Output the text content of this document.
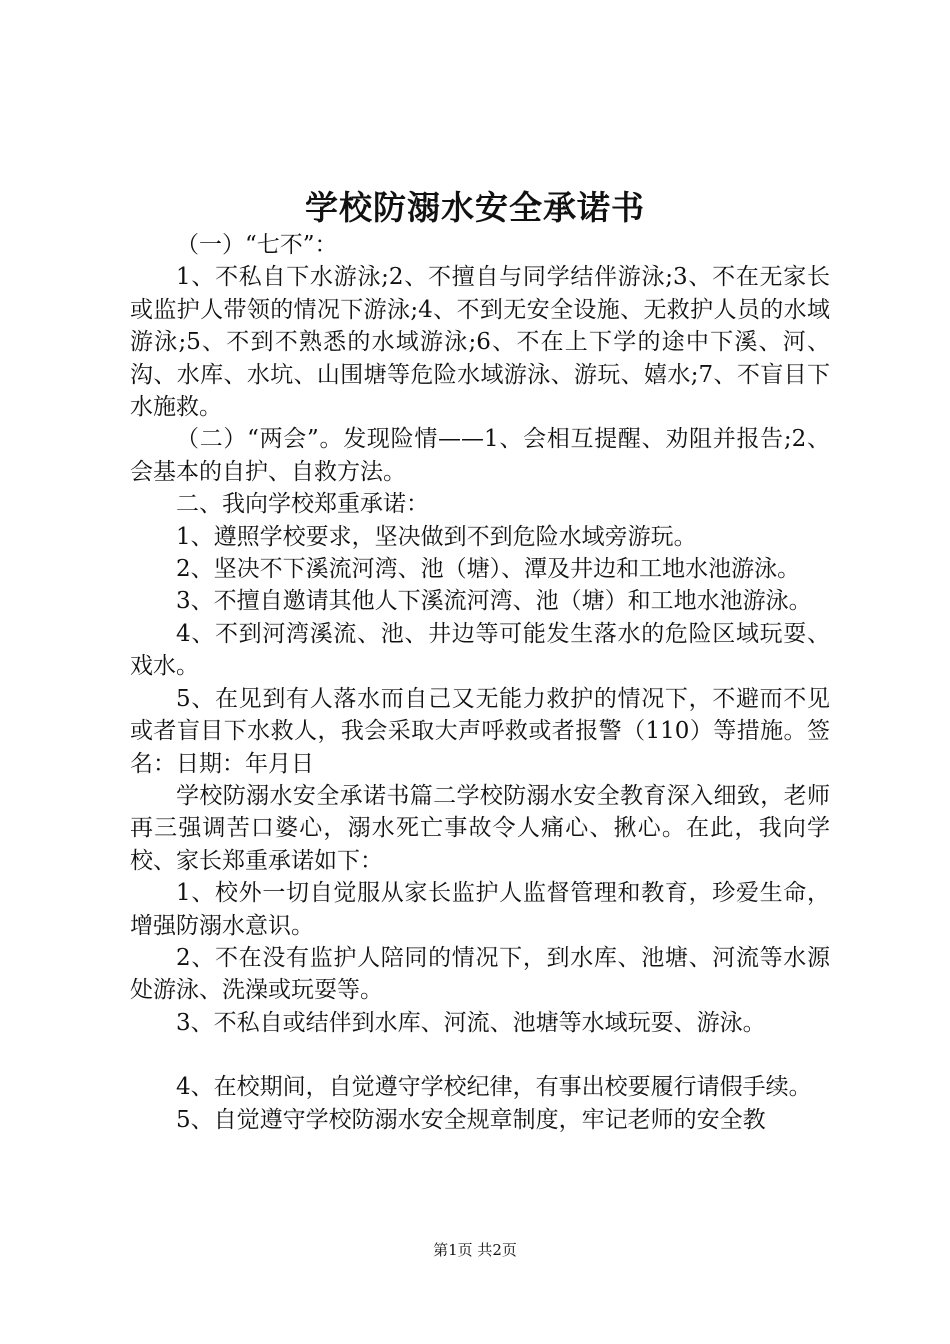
学校防溺水安全承诺书

（一）“七不”：

1、不私自下水游泳;2、不擅自与同学结伴游泳;3、不在无家长或监护人带领的情况下游泳;4、不到无安全设施、无救护人员的水域游泳;5、不到不熟悉的水域游泳;6、不在上下学的途中下溪、河、沟、水库、水坑、山围塘等危险水域游泳、游玩、嬉水;7、不盲目下水施救。

（二）“两会”。发现险情——1、会相互提醒、劝阻并报告;2、会基本的自护、自救方法。

二、我向学校郑重承诺：

1、遵照学校要求，坚决做到不到危险水域旁游玩。

2、坚决不下溪流河湾、池（塘）、潭及井边和工地水池游泳。

3、不擅自邀请其他人下溪流河湾、池（塘）和工地水池游泳。

4、不到河湾溪流、池、井边等可能发生落水的危险区域玩耍、戏水。

5、在见到有人落水而自己又无能力救护的情况下，不避而不见或者盲目下水救人，我会采取大声呼救或者报警（110）等措施。签名：日期：年月日

学校防溺水安全承诺书篇二学校防溺水安全教育深入细致，老师再三强调苦口婆心，溺水死亡事故令人痛心、揪心。在此，我向学校、家长郑重承诺如下：

1、校外一切自觉服从家长监护人监督管理和教育，珍爱生命，增强防溺水意识。

2、不在没有监护人陪同的情况下，到水库、池塘、河流等水源处游泳、洗澡或玩耍等。

3、不私自或结伴到水库、河流、池塘等水域玩耍、游泳。

4、在校期间，自觉遵守学校纪律，有事出校要履行请假手续。

5、自觉遵守学校防溺水安全规章制度，牢记老师的安全教

第1页 共2页
